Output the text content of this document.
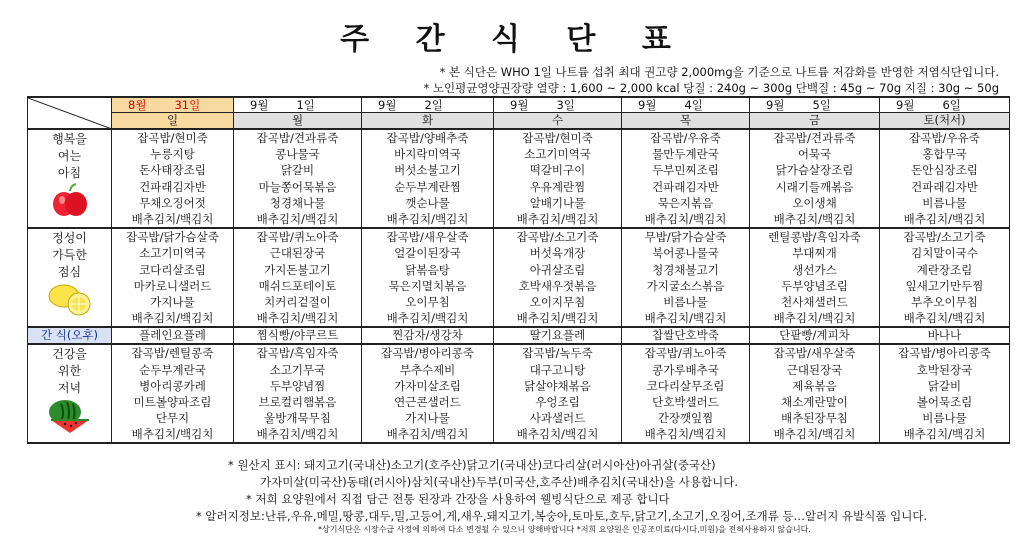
주 간 식 단 표
* 본 식단은 WHO 1일 나트륨 섭취 최대 권고량 2,000mg을 기준으로 나트륨 저감화를 반영한 저염식단입니다.
* 노인평균영양권장량 열량 : 1,600 ~ 2,000 kcal 당질 : 240g ~ 300g 단백질 : 45g ~ 70g 지질 : 30g ~ 50g
	8월 31일	9월 1일	9월 2일	9월 3일	9월 4일	9월 5일	9월 6일
	일	월	화	수	목	금	토(처서)

행복을
여는
아침	잡곡밥/현미죽	잡곡밥/견과류죽	잡곡밥/양배추죽	잡곡밥/현미죽	잡곡밥/우유죽	잡곡밥/견과류죽	잡곡밥/우유죽
	누릉지탕	콩나물국	바지락미역국	소고기미역국	물만두계란국	어묵국	홍합무국
	돈사태장조림	닭갈비	버섯소불고기	떡갈비구이	두부민찌조림	닭가슴살장조림	돈안심장조림
	건파래김자반	마늘쫑어묵볶음	순두부계란찜	우유계란찜	건파래김자반	시래기들깨볶음	건파래김자반
	무채오징어젓	청경채나물	깻순나물	알배기나물	묵은지볶음	오이생채	비름나물
	배추김치/백김치	배추김치/백김치	배추김치/백김치	배추김치/백김치	배추김치/백김치	배추김치/백김치	배추김치/백김치

정성이
가득한
점심	잡곡밥/닭가슴살죽	잡곡밥/퀴노아죽	잡곡밥/새우살죽	잡곡밥/소고기죽	무밥/닭가슴살죽	렌틸콩밥/흑임자죽	잡곡밥/소고기죽
	소고기미역국	근대된장국	얼갈이된장국	버섯육개장	북어콩나물국	부대찌개	김치말이국수
	코다리살조림	가지돈불고기	닭볶음탕	아귀살조림	청경채불고기	생선가스	계란장조림
	마카로니샐러드	매쉬드포테이토	묵은지멸치볶음	호박새우젓볶음	가지굴소스볶음	두부양념조림	잎새고기만두찜
	가지나물	치커리겉절이	오이무침	오이지무침	비름나물	천사채샐러드	부추오이무침
	배추김치/백김치	배추김치/백김치	배추김치/백김치	배추김치/백김치	배추김치/백김치	배추김치/백김치	배추김치/백김치
간 식(오후)	플레인요플레	찜식빵/야쿠르트	찐감자/생강차	딸기요플레	찹쌀단호박죽	단팥빵/계피차	바나나

건강을
위한
저녁	잡곡밥/렌틸콩죽	잡곡밥/흑임자죽	잡곡밥/병아리콩죽	잡곡밥/녹두죽	잡곡밥/퀴노아죽	잡곡밥/새우살죽	잡곡밥/병아리콩죽
	순두부계란국	소고기무국	부추수제비	대구고니탕	콩가루배추국	근대된장국	호박된장국
	병아리콩카레	두부양념찜	가자미살조림	닭살야채볶음	코다리살무조림	제육볶음	닭갈비
	미트볼양파조림	브로컬리햄볶음	연근콘샐러드	우엉조림	단호박샐러드	채소계란말이	볼어묵조림
	단무지	울방개묵무침	가지나물	사과샐러드	간장깻잎찜	배추된장무침	비름나물
	배추김치/백김치	배추김치/백김치	배추김치/백김치	배추김치/백김치	배추김치/백김치	배추김치/백김치	배추김치/백김치
* 원산지 표시: 돼지고기(국내산)소고기(호주산)닭고기(국내산)코다리살(러시아산)아귀살(중국산)
가자미살(미국산)동태(러시아)삼치(국내산)두부(미국산,호주산)배추김치(국내산)을 사용합니다.
* 저희 요양원에서 직접 담근 전통 된장과 간장을 사용하여 웰빙식단으로 제공 합니다
* 알러지정보:난류,우유,메밀,땅콩,대두,밀,고등어,게,새우,돼지고기,복숭아,토마토,호두,닭고기,소고기,오징어,조개류 등…알러지 유발식품 입니다.
*상기식단은 시장수급 사정에 의하여 다소 변경될 수 있으니 양해바랍니다 *저희 요양원은 인공조미료(다시다,미원)을 전혀사용하지 않습니다.
